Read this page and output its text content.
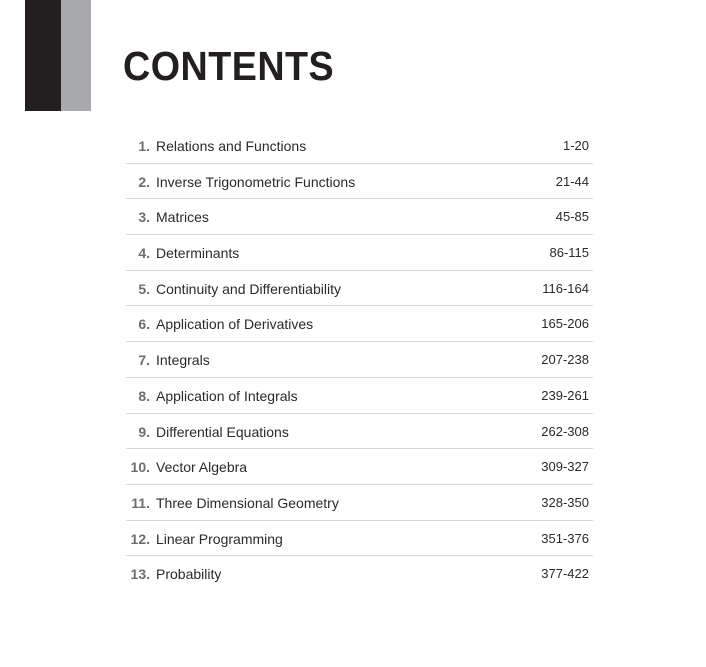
CONTENTS
1. Relations and Functions	1-20
2. Inverse Trigonometric Functions	21-44
3. Matrices	45-85
4. Determinants	86-115
5. Continuity and Differentiability	116-164
6. Application of Derivatives	165-206
7. Integrals	207-238
8. Application of Integrals	239-261
9. Differential Equations	262-308
10. Vector Algebra	309-327
11. Three Dimensional Geometry	328-350
12. Linear Programming	351-376
13. Probability	377-422
